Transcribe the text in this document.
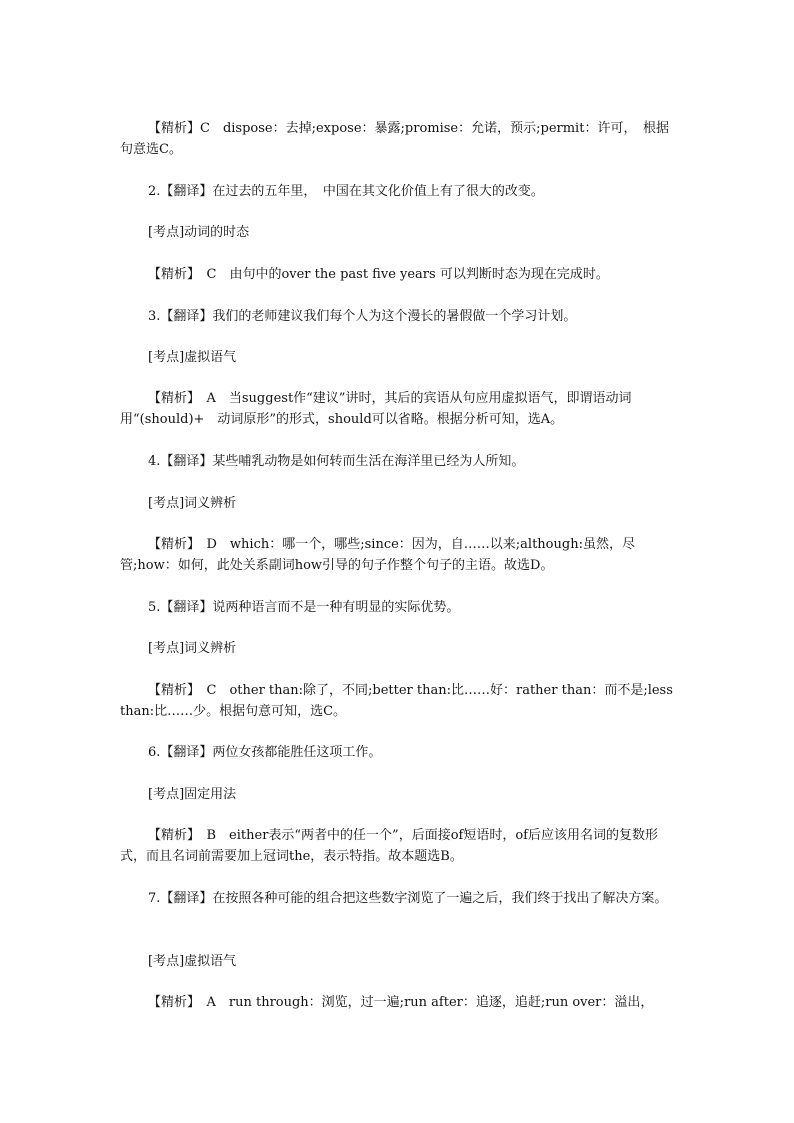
【精析】C　dispose：去掉;expose：暴露;promise：允诺，预示;permit：许可，　根据句意选C。

2.【翻译】在过去的五年里，　中国在其文化价值上有了很大的改变。

[考点]动词的时态

【精析】　C　由句中的over the past five years 可以判断时态为现在完成时。

3.【翻译】我们的老师建议我们每个人为这个漫长的暑假做一个学习计划。

[考点]虚拟语气

【精析】　A　当suggest作“建议”讲时，其后的宾语从句应用虚拟语气，即谓语动词用“(should)+　动词原形”的形式，should可以省略。根据分析可知，选A。

4.【翻译】某些哺乳动物是如何转而生活在海洋里已经为人所知。

[考点]词义辨析

【精析】　D　which：哪一个，哪些;since：因为，自……以来;although:虽然，尽管;how：如何，此处关系副词how引导的句子作整个句子的主语。故选D。

5.【翻译】说两种语言而不是一种有明显的实际优势。

[考点]词义辨析

【精析】　C　other than:除了，不同;better than:比……好：rather than：而不是;less than:比……少。根据句意可知，选C。

6.【翻译】两位女孩都能胜任这项工作。

[考点]固定用法

【精析】　B　either表示“两者中的任一个”，后面接of短语时，of后应该用名词的复数形式，而且名词前需要加上冠词the，表示特指。故本题选B。

7.【翻译】在按照各种可能的组合把这些数字浏览了一遍之后，我们终于找出了解决方案。

[考点]虚拟语气

【精析】　A　run through：浏览，过一遍;run after：追逐，追赶;run over：溢出，
